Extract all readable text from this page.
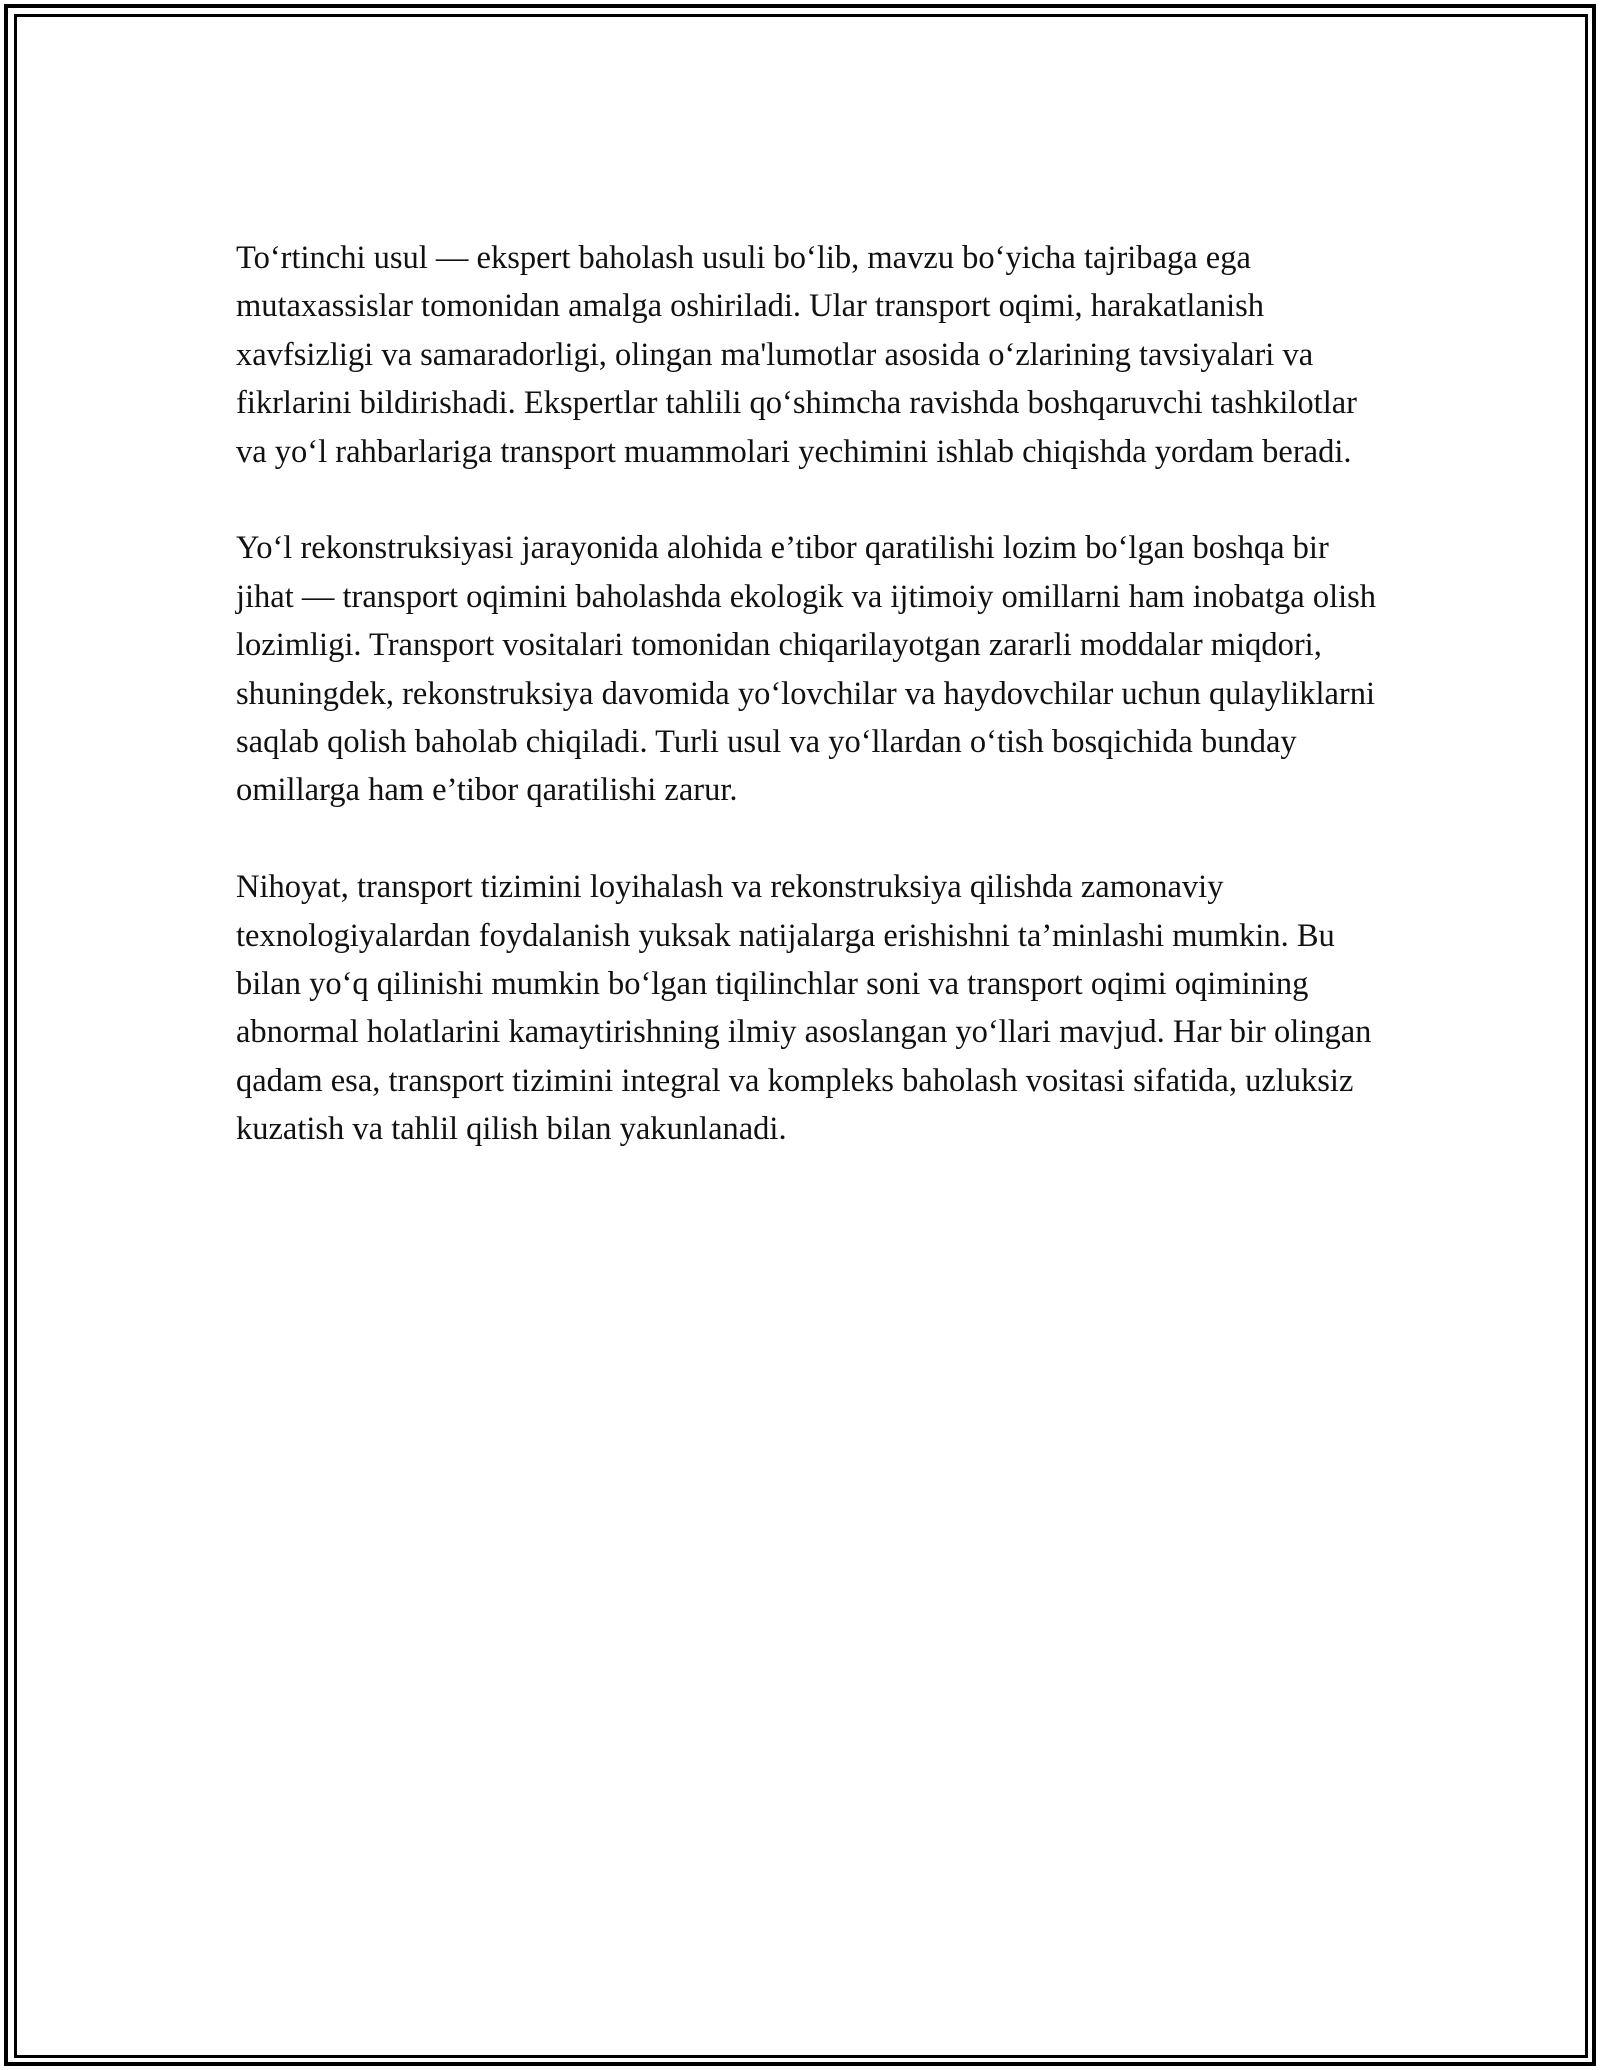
To‘rtinchi usul — ekspert baholash usuli bo‘lib, mavzu bo‘yicha tajribaga ega mutaxassislar tomonidan amalga oshiriladi. Ular transport oqimi, harakatlanish xavfsizligi va samaradorligi, olingan ma'lumotlar asosida o‘zlarining tavsiyalari va fikrlarini bildirishadi. Ekspertlar tahlili qo‘shimcha ravishda boshqaruvchi tashkilotlar va yo‘l rahbarlariga transport muammolari yechimini ishlab chiqishda yordam beradi.

Yo‘l rekonstruksiyasi jarayonida alohida e’tibor qaratilishi lozim bo‘lgan boshqa bir jihat — transport oqimini baholashda ekologik va ijtimoiy omillarni ham inobatga olish lozimligi. Transport vositalari tomonidan chiqarilayotgan zararli moddalar miqdori, shuningdek, rekonstruksiya davomida yo‘lovchilar va haydovchilar uchun qulayliklarni saqlab qolish baholab chiqiladi. Turli usul va yo‘llardan o‘tish bosqichida bunday omillarga ham e’tibor qaratilishi zarur.

Nihoyat, transport tizimini loyihalash va rekonstruksiya qilishda zamonaviy texnologiyalardan foydalanish yuksak natijalarga erishishni ta’minlashi mumkin. Bu bilan yo‘q qilinishi mumkin bo‘lgan tiqilinchlar soni va transport oqimi oqimining abnormal holatlarini kamaytirishning ilmiy asoslangan yo‘llari mavjud. Har bir olingan qadam esa, transport tizimini integral va kompleks baholash vositasi sifatida, uzluksiz kuzatish va tahlil qilish bilan yakunlanadi.
